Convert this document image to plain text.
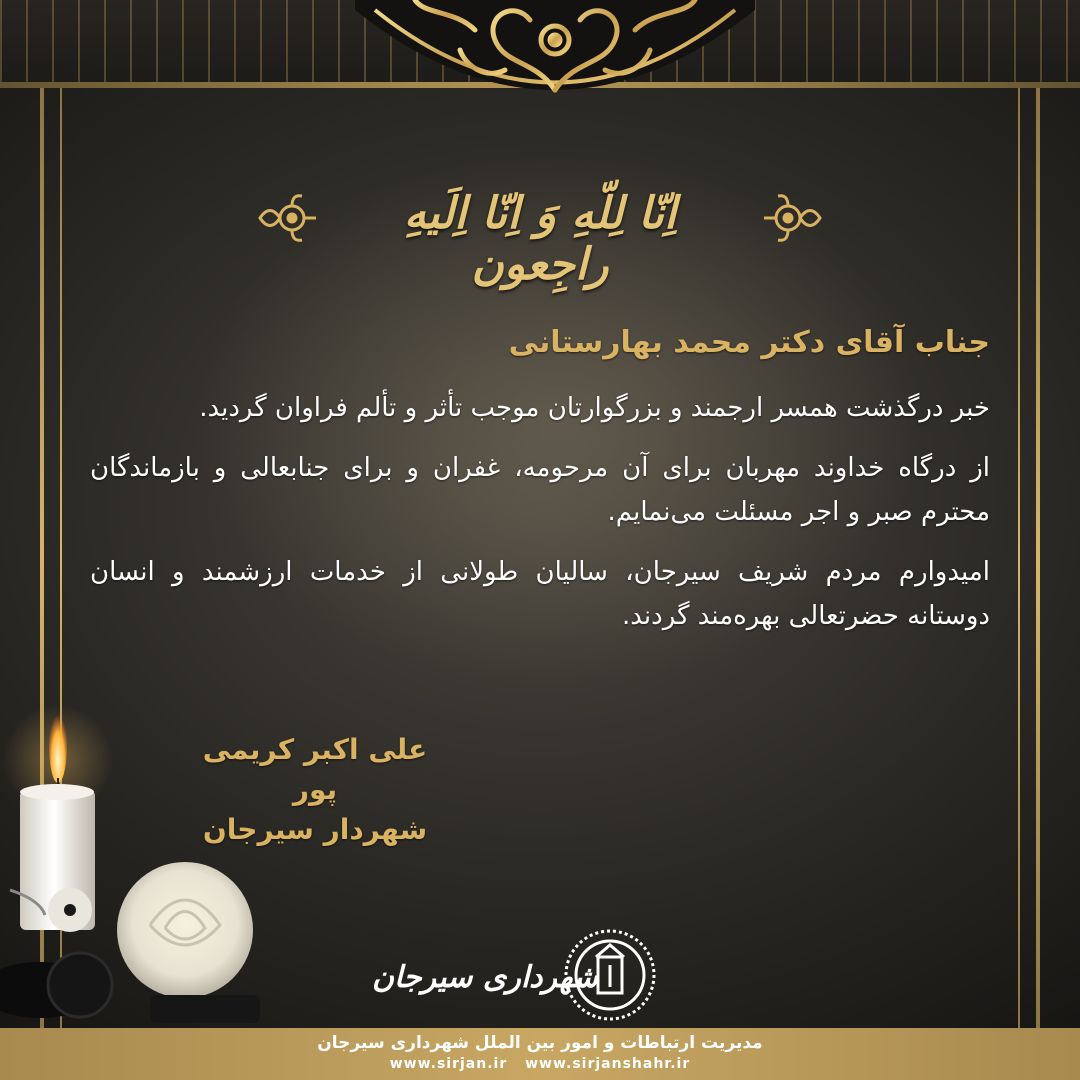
اِنّا لِلّهِ وَ اِنّا اِلَیهِ راجِعون
جناب آقای دکتر محمد بهارستانی

خبر درگذشت همسر ارجمند و بزرگوارتان موجب تأثر و تألم فراوان گردید.

از درگاه خداوند مهربان برای آن مرحومه، غفران و برای جنابعالی و بازماندگان محترم صبر و اجر مسئلت می‌نمایم.

امیدوارم مردم شریف سیرجان، سالیان طولانی از خدمات ارزشمند و انسان دوستانه حضرتعالی بهره‌مند گردند.

علی اکبر کریمی پور
شهردار سیرجان
شهرداری سیرجان
مدیریت ارتباطات و امور بین الملل شهرداری سیرجان
www.sirjan.ir www.sirjanshahr.ir
